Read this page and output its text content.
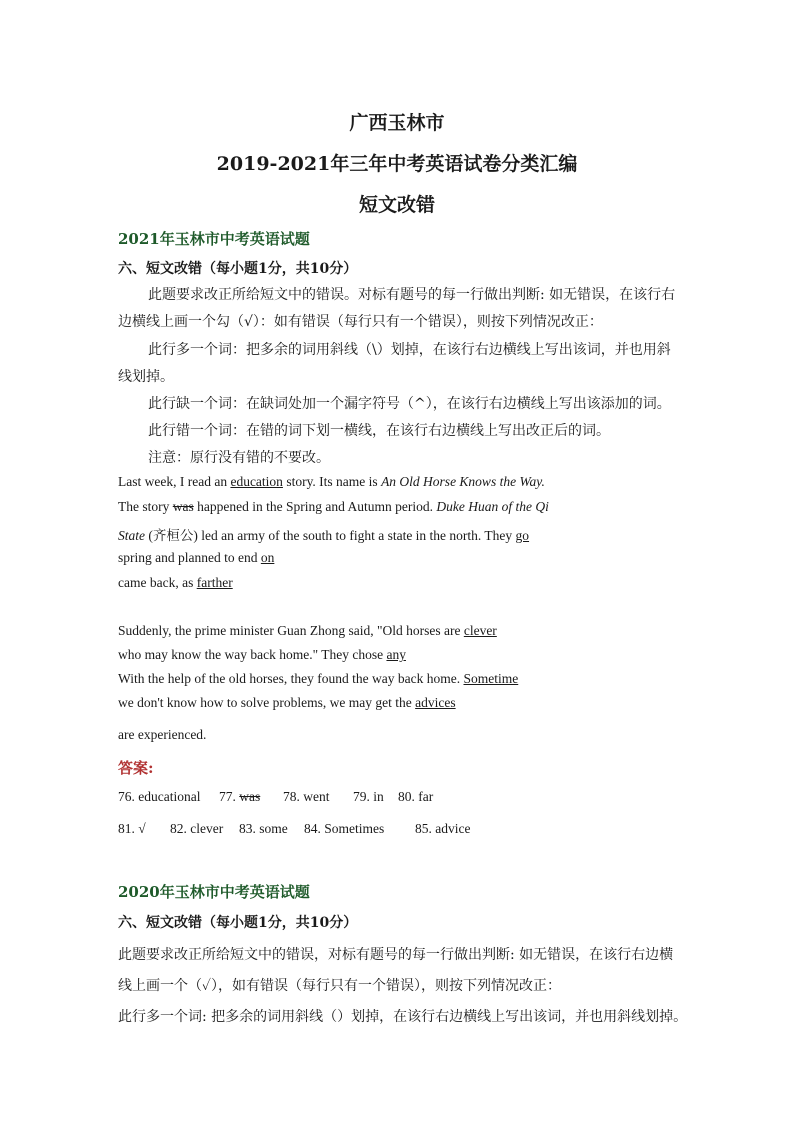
广西玉林市
2019-2021年三年中考英语试卷分类汇编
短文改错
2021年玉林市中考英语试题
六、短文改错（每小题1分，共10分）
此题要求改正所给短文中的错误。对标有题号的每一行做出判断: 如无错误，在该行右
边横线上画一个勾（√）：如有错误（每行只有一个错误），则按下列情况改正：
此行多一个词：把多余的词用斜线（\）划掉，在该行右边横线上写出该词，并也用斜
线划掉。
此行缺一个词：在缺词处加一个漏字符号（^），在该行右边横线上写出该添加的词。
此行错一个词：在错的词下划一横线，在该行右边横线上写出改正后的词。
注意：原行没有错的不要改。
Last week, I read an education story. Its name is An Old Horse Knows the Way.
The story was happened in the Spring and Autumn period. Duke Huan of the Qi
State (齐桓公) led an army of the south to fight a state in the north. They go
spring and planned to end on
came back, as farther
Suddenly, the prime minister Guan Zhong said, "Old horses are clever
who may know the way back home." They chose any
With the help of the old horses, they found the way back home. Sometime
we don't know how to solve problems, we may get the advices
are experienced.
答案:
76. educational 77. was 78. went 79. in 80. far
81. √ 82. clever 83. some 84. Sometimes 85. advice
2020年玉林市中考英语试题
六、短文改错（每小题1分，共10分）
此题要求改正所给短文中的错误，对标有题号的每一行做出判断: 如无错误，在该行右边横
线上画一个（✓），如有错误（每行只有一个错误），则按下列情况改正：
此行多一个词: 把多余的词用斜线（）划掉，在该行右边横线上写出该词，并也用斜线划掉。
